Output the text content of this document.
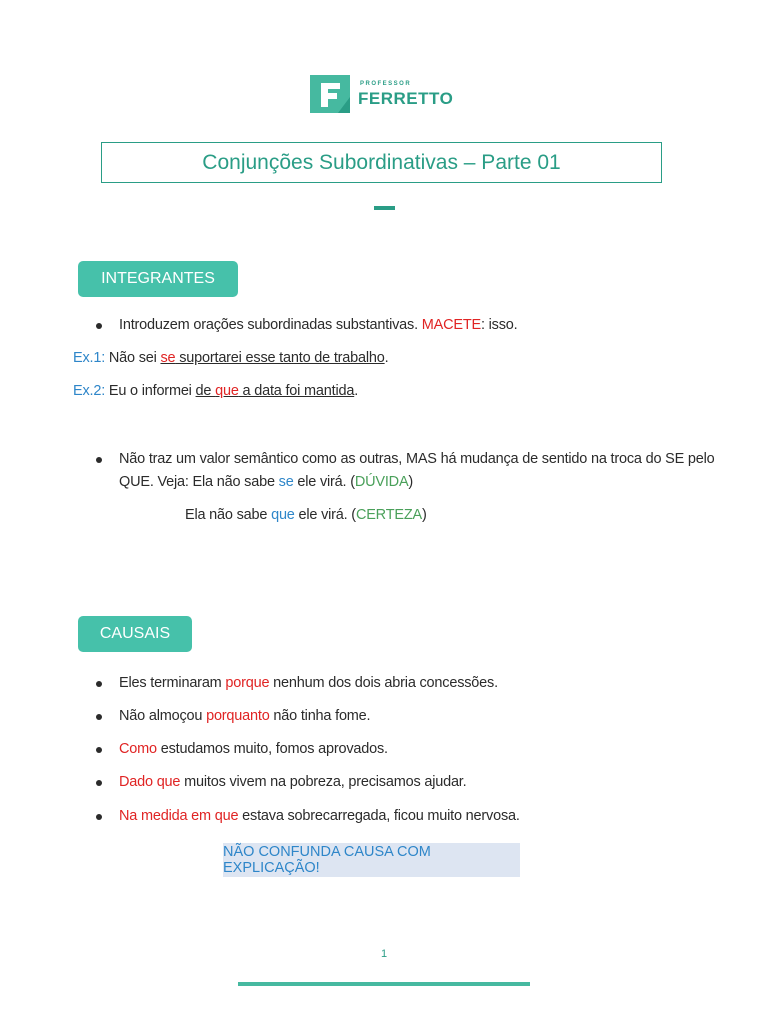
PROFESSOR
FERRETTO
Conjunções Subordinativas – Parte 01
INTEGRANTES
Introduzem orações subordinadas substantivas. MACETE: isso.
Ex.1: Não sei se suportarei esse tanto de trabalho.
Ex.2: Eu o informei de que a data foi mantida.
Não traz um valor semântico como as outras, MAS há mudança de sentido na troca do SE pelo
QUE. Veja: Ela não sabe se ele virá. (DÚVIDA)
Ela não sabe que ele virá. (CERTEZA)
CAUSAIS
Eles terminaram porque nenhum dos dois abria concessões.
Não almoçou porquanto não tinha fome.
Como estudamos muito, fomos aprovados.
Dado que muitos vivem na pobreza, precisamos ajudar.
Na medida em que estava sobrecarregada, ficou muito nervosa.
NÃO CONFUNDA CAUSA COM EXPLICAÇÃO!
1
